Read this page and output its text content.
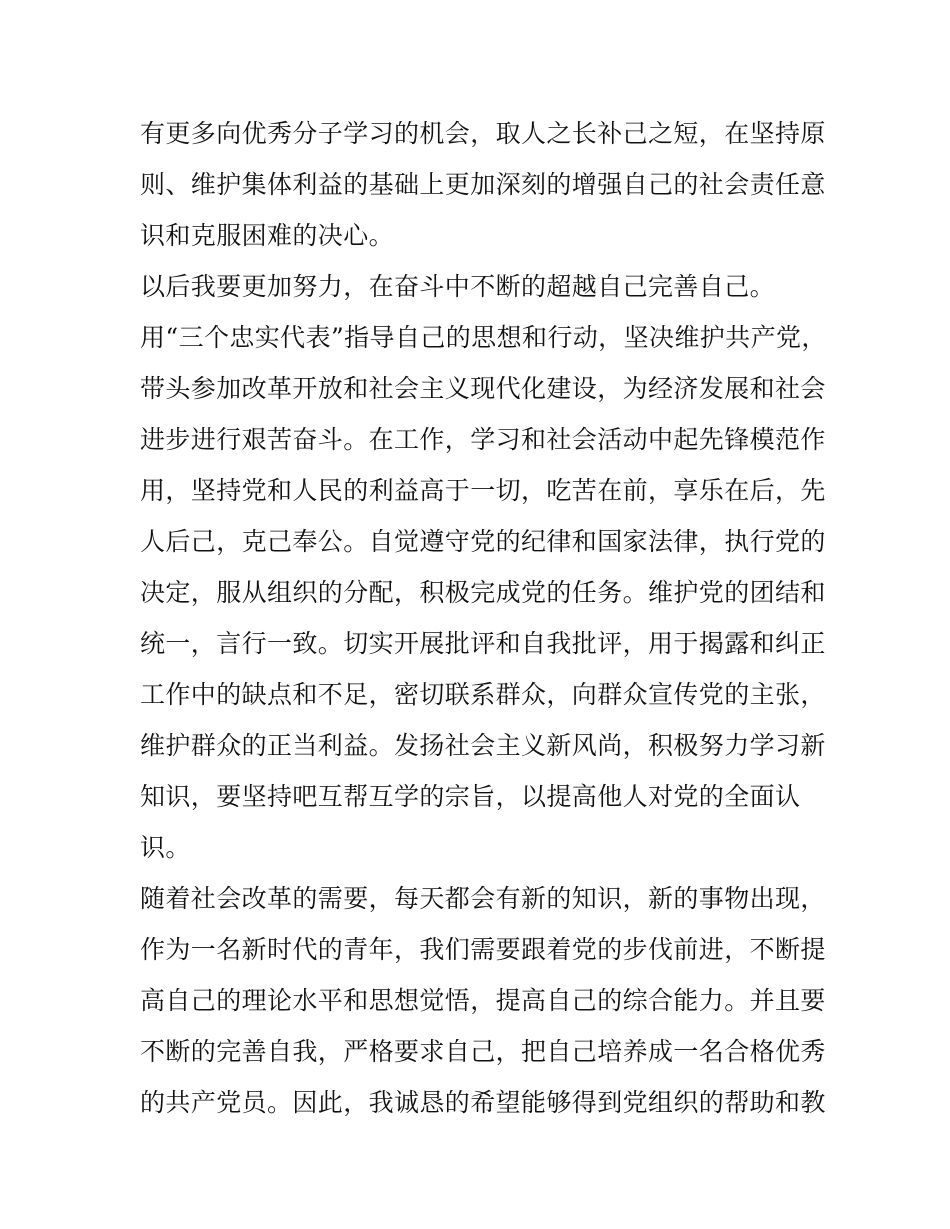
有更多向优秀分子学习的机会，取人之长补己之短，在坚持原
则、维护集体利益的基础上更加深刻的增强自己的社会责任意
识和克服困难的决心。
以后我要更加努力，在奋斗中不断的超越自己完善自己。
用“三个忠实代表”指导自己的思想和行动，坚决维护共产党，
带头参加改革开放和社会主义现代化建设，为经济发展和社会
进步进行艰苦奋斗。在工作，学习和社会活动中起先锋模范作
用，坚持党和人民的利益高于一切，吃苦在前，享乐在后，先
人后己，克己奉公。自觉遵守党的纪律和国家法律，执行党的
决定，服从组织的分配，积极完成党的任务。维护党的团结和
统一，言行一致。切实开展批评和自我批评，用于揭露和纠正
工作中的缺点和不足，密切联系群众，向群众宣传党的主张，
维护群众的正当利益。发扬社会主义新风尚，积极努力学习新
知识，要坚持吧互帮互学的宗旨，以提高他人对党的全面认
识。
随着社会改革的需要，每天都会有新的知识，新的事物出现，
作为一名新时代的青年，我们需要跟着党的步伐前进，不断提
高自己的理论水平和思想觉悟，提高自己的综合能力。并且要
不断的完善自我，严格要求自己，把自己培养成一名合格优秀
的共产党员。因此，我诚恳的希望能够得到党组织的帮助和教
